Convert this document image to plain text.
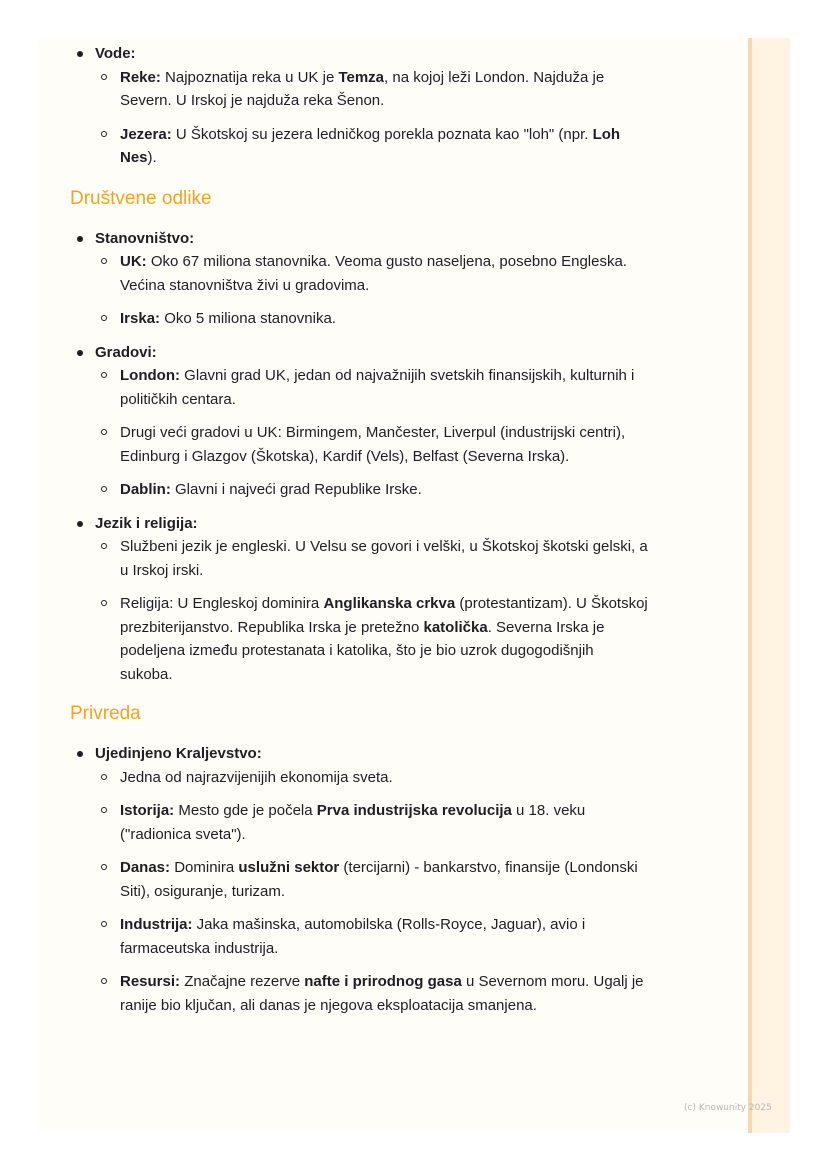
Vode:
Reke: Najpoznatija reka u UK je Temza, na kojoj leži London. Najduža je Severn. U Irskoj je najduža reka Šenon.
Jezera: U Škotskoj su jezera ledničkog porekla poznata kao "loh" (npr. Loh Nes).
Društvene odlike
Stanovništvo:
UK: Oko 67 miliona stanovnika. Veoma gusto naseljena, posebno Engleska. Većina stanovništva živi u gradovima.
Irska: Oko 5 miliona stanovnika.
Gradovi:
London: Glavni grad UK, jedan od najvažnijih svetskih finansijskih, kulturnih i političkih centara.
Drugi veći gradovi u UK: Birmingem, Mančester, Liverpul (industrijski centri), Edinburg i Glazgov (Škotska), Kardif (Vels), Belfast (Severna Irska).
Dablin: Glavni i najveći grad Republike Irske.
Jezik i religija:
Službeni jezik je engleski. U Velsu se govori i velški, u Škotskoj škotski gelski, a u Irskoj irski.
Religija: U Engleskoj dominira Anglikanska crkva (protestantizam). U Škotskoj prezbiterijanstvo. Republika Irska je pretežno katolička. Severna Irska je podeljena između protestanata i katolika, što je bio uzrok dugogodišnjih sukoba.
Privreda
Ujedinjeno Kraljevstvo:
Jedna od najrazvijenijih ekonomija sveta.
Istorija: Mesto gde je počela Prva industrijska revolucija u 18. veku ("radionica sveta").
Danas: Dominira uslužni sektor (tercijarni) - bankarstvo, finansije (Londonski Siti), osiguranje, turizam.
Industrija: Jaka mašinska, automobilska (Rolls-Royce, Jaguar), avio i farmaceutska industrija.
Resursi: Značajne rezerve nafte i prirodnog gasa u Severnom moru. Ugalj je ranije bio ključan, ali danas je njegova eksploatacija smanjena.
(c) Knowunity 2025
